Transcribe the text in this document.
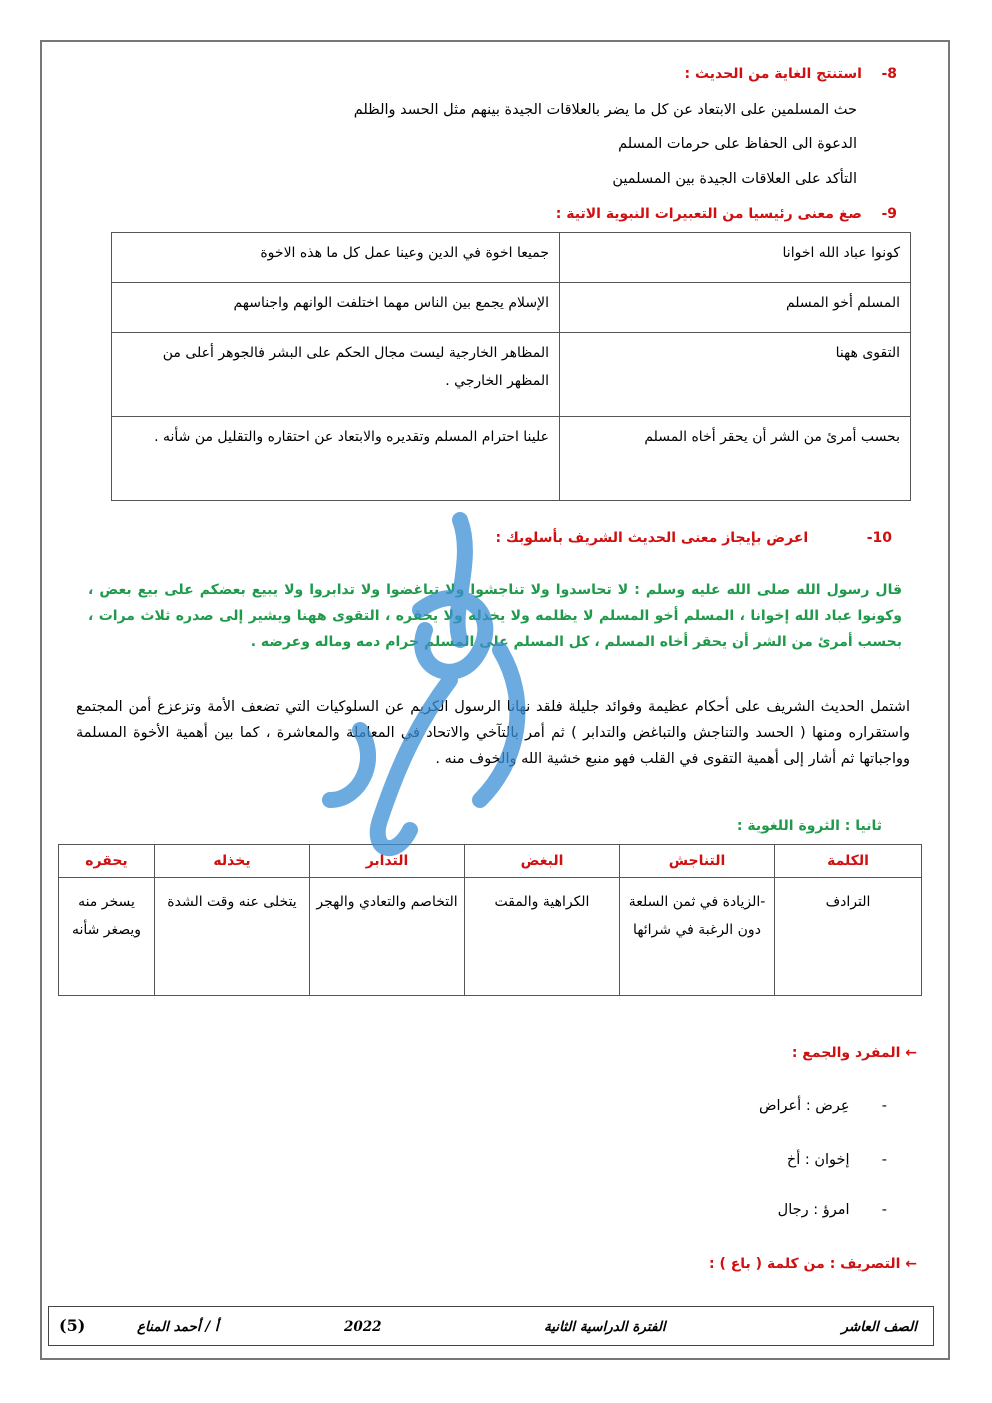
8-    استنتج الغاية من الحديث :
حث المسلمين على الابتعاد عن كل ما يضر بالعلاقات الجيدة بينهم مثل الحسد والظلم
الدعوة الى الحفاظ على حرمات المسلم
التأكد على العلاقات الجيدة بين المسلمين
9-    صغ معنى رئيسيا من التعبيرات النبوية الاتية :
كونوا عباد الله اخوانا	جميعا اخوة في الدين وعينا عمل كل ما هذه الاخوة
المسلم أخو المسلم	الإسلام يجمع بين الناس مهما اختلفت الوانهم واجناسهم
التقوى ههنا	المظاهر الخارجية ليست مجال الحكم على البشر فالجوهر أعلى من المظهر الخارجي .
بحسب أمرئ من الشر أن يحقر أخاه المسلم	علينا احترام المسلم وتقديره والابتعاد عن احتقاره والتقليل من شأنه .
10-            اعرض بإيجاز معنى الحديث الشريف بأسلوبك :
قال رسول الله صلى الله عليه وسلم : لا تحاسدوا ولا تناجشوا ولا تباغضوا ولا تدابروا ولا يبيع بعضكم على بيع بعض ، وكونوا عباد الله إخوانا ، المسلم أخو المسلم لا يظلمه ولا يخذله ولا يحقره ، التقوى ههنا ويشير إلى صدره ثلاث مرات ، بحسب أمرئ من الشر أن يحقر أخاه المسلم ، كل المسلم على المسلم حرام دمه وماله وعرضه .
اشتمل الحديث الشريف على أحكام عظيمة وفوائد جليلة فلقد نهانا الرسول الكريم عن السلوكيات التي تضعف الأمة وتزعزع أمن المجتمع واستقراره ومنها ( الحسد والتناجش والتباغض والتدابر ) ثم أمر بالتآخي والاتحاد في المعاملة والمعاشرة ، كما بين أهمية الأخوة المسلمة وواجباتها ثم أشار إلى أهمية التقوى في القلب فهو منبع خشية الله والخوف منه .
ثانيا : الثروة اللغوية :
الكلمة	التناجش	البغض	التدابر	يخذله	يحقره
الترادف	-الزيادة في ثمن السلعة دون الرغبة في شرائها	الكراهية والمقت	التخاصم والتعادي والهجر	يتخلى عنه وقت الشدة	يسخر منه ويصغر شأنه
← المفرد والجمع :
-       عِرض : أعراض
-       إخوان : أخ
-       امرؤ : رجال
← التصريف : من كلمة ( باع ) :
الصف العاشر
الفترة الدراسية الثانية
2022
أ / أحمد المناع
(5)
